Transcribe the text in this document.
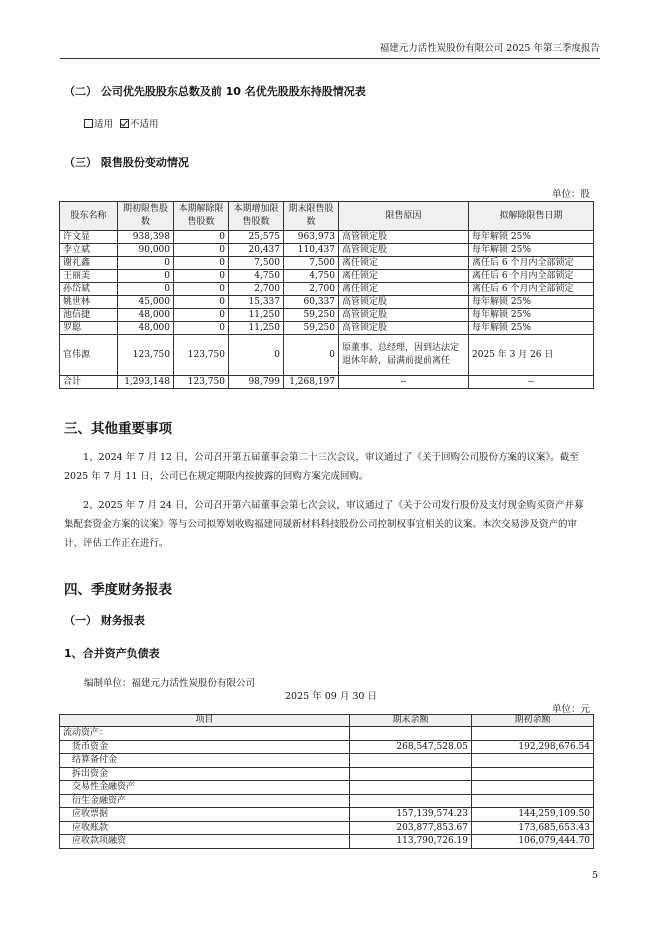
福建元力活性炭股份有限公司 2025 年第三季度报告
（二） 公司优先股股东总数及前 10 名优先股股东持股情况表
适用 不适用
（三） 限售股份变动情况
单位：股
股东名称	期初限售股数	本期解除限售股数	本期增加限售股数	期末限售股数	限售原因	拟解除限售日期
许文显	938,398	0	25,575	963,973	高管锁定股	每年解锁 25%
李立斌	90,000	0	20,437	110,437	高管锁定股	每年解锁 25%
谢礼鑫	0	0	7,500	7,500	离任锁定	离任后 6 个月内全部锁定
王丽美	0	0	4,750	4,750	离任锁定	离任后 6 个月内全部锁定
孙岱斌	0	0	2,700	2,700	离任锁定	离任后 6 个月内全部锁定
姚世林	45,000	0	15,337	60,337	高管锁定股	每年解锁 25%
池信捷	48,000	0	11,250	59,250	高管锁定股	每年解锁 25%
罗聪	48,000	0	11,250	59,250	高管锁定股	每年解锁 25%
官伟源	123,750	123,750	0	0	原董事、总经理，因到达法定退休年龄，届满前提前离任	2025 年 3 月 26 日
合计	1,293,148	123,750	98,799	1,268,197	--	--
三、其他重要事项
1、2024 年 7 月 12 日，公司召开第五届董事会第二十三次会议，审议通过了《关于回购公司股份方案的议案》。截至 2025 年 7 月 11 日，公司已在规定期限内按披露的回购方案完成回购。
2、2025 年 7 月 24 日，公司召开第六届董事会第七次会议，审议通过了《关于公司发行股份及支付现金购买资产并募集配套资金方案的议案》等与公司拟筹划收购福建同晟新材料科技股份公司控制权事宜相关的议案。本次交易涉及资产的审计、评估工作正在进行。
四、季度财务报表
（一） 财务报表
1、合并资产负债表
编制单位：福建元力活性炭股份有限公司
2025 年 09 月 30 日
单位：元
项目	期末余额	期初余额
流动资产：		
货币资金	268,547,528.05	192,298,676.54
结算备付金		
拆出资金		
交易性金融资产		
衍生金融资产		
应收票据	157,139,574.23	144,259,109.50
应收账款	203,877,853.67	173,685,653.43
应收款项融资	113,790,726.19	106,079,444.70
5
